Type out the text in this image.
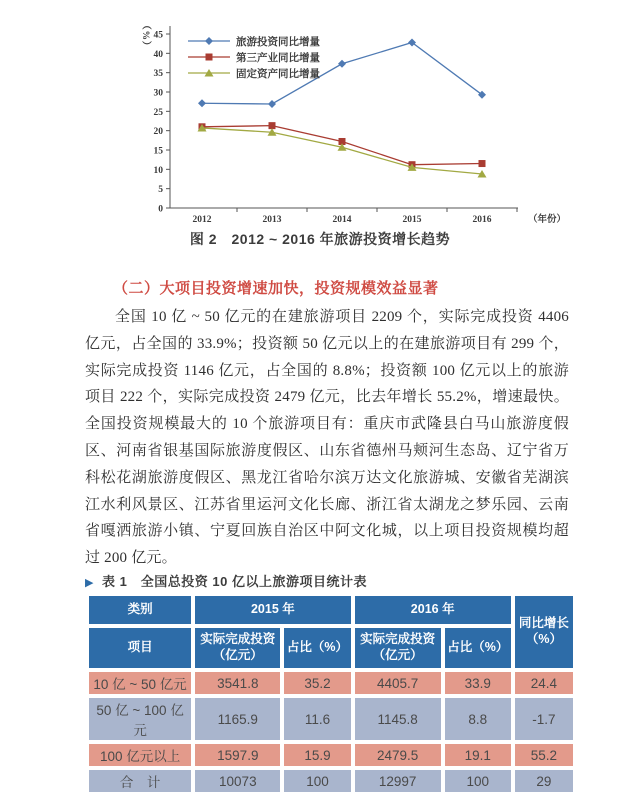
0
5
10
15
20
25
30
35
40
45
2012	2013	2014	2015	2016	（年份）
旅游投资同比增量
第三产业同比增量
固定资产同比增量
（%）
图 2　2012 ~ 2016 年旅游投资增长趋势
（二）大项目投资增速加快，投资规模效益显著
全国 10 亿 ~ 50 亿元的在建旅游项目 2209 个，实际完成投资 4406 亿元，占全国的 33.9%；投资额 50 亿元以上的在建旅游项目有 299 个，实际完成投资 1146 亿元，占全国的 8.8%；投资额 100 亿元以上的旅游项目 222 个，实际完成投资 2479 亿元，比去年增长 55.2%，增速最快。全国投资规模最大的 10 个旅游项目有：重庆市武隆县白马山旅游度假区、河南省银基国际旅游度假区、山东省德州马颊河生态岛、辽宁省万科松花湖旅游度假区、黑龙江省哈尔滨万达文化旅游城、安徽省芜湖滨江水利风景区、江苏省里运河文化长廊、浙江省太湖龙之梦乐园、云南省嘎洒旅游小镇、宁夏回族自治区中阿文化城，以上项目投资规模均超过 200 亿元。
▶ 表 1　全国总投资 10 亿以上旅游项目统计表
类别	2015 年		2016 年		同比增长（%）
项目	实际完成投资（亿元）	占比（%）	实际完成投资（亿元）	占比（%）	
10 亿 ~ 50 亿元	3541.8	35.2	4405.7	33.9	24.4
50 亿 ~ 100 亿元	1165.9	11.6	1145.8	8.8	-1.7
100 亿元以上	1597.9	15.9	2479.5	19.1	55.2
合　计	10073	100	12997	100	29
